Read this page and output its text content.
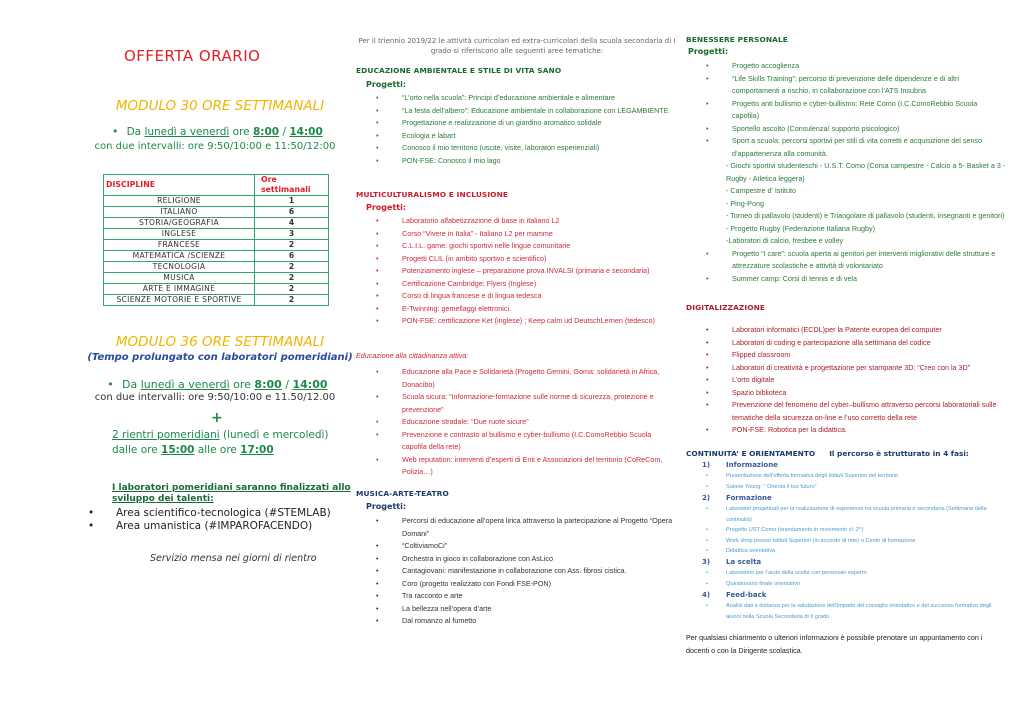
OFFERTA ORARIO
MODULO 30 ORE SETTIMANALI
• Da lunedì a venerdì ore 8:00 / 14:00
con due intervalli: ore 9:50/10:00 e 11:50/12:00
DISCIPLINE	Ore settimanali
RELIGIONE	1
ITALIANO	6
STORIA/GEOGRAFIA	4
INGLESE	3
FRANCESE	2
MATEMATICA /SCIENZE	6
TECNOLOGIA	2
MUSICA	2
ARTE E IMMAGINE	2
SCIENZE MOTORIE E SPORTIVE	2
MODULO 36 ORE SETTIMANALI
(Tempo prolungato con laboratori pomeridiani)
• Da lunedì a venerdì ore 8:00 / 14:00
con due intervalli: ore 9:50/10:00 e 11.50/12.00
+
2 rientri pomeridiani (lunedì e mercoledì) dalle ore 15:00 alle ore 17:00
I laboratori pomeridiani saranno finalizzati allo sviluppo dei talenti:
• Area scientifico-tecnologica (#STEMLAB)
• Area umanistica (#IMPAROFACENDO)
Servizio mensa nei giorni di rientro
Per il triennio 2019/22 le attività curricolari ed extra-curricolari della scuola secondaria di I grado si riferiscono alle seguenti aree tematiche:
EDUCAZIONE AMBIENTALE E STILE DI VITA SANO
Progetti:
• “L’orto nella scuola”: Principi d’educazione ambientale e alimentare
• “La festa dell’albero”: Educazione ambientale in collaborazione con LEGAMBIENTE
• Progettazione e realizzazione di un giardino aromatico solidale
• Ecologia e labart
• Conosco il mio territorio (uscite, visite, laboratori esperienziali)
• PON-FSE: Conosco il mio lago
MULTICULTURALISMO E INCLUSIONE
Progetti:
• Laboratorio alfabetizzazione di base in italiano L2
• Corso “Vivere in Italia” - Italiano L2 per mamme
• C.L.I.L. game: giochi sportivi nelle lingue comunitarie
• Progetti CLIL (in ambito sportivo e scientifico)
• Potenziamento inglese – preparazione prova INVALSI (primaria e secondaria)
• Certificazione Cambridge: Flyers (Inglese)
• Corso di lingua francese e di lingua tedesca
• E-Twinning: gemellaggi elettronici.
• PON-FSE: certificazione Ket (inglese) ; Keep calm ud DeutschLernen (tedesco)
Educazione alla cittadinanza attiva:
• Educazione alla Pace e Solidarietà (Progetto Gemini, Goma: solidarietà in Africa, Donacibo)
• Scuola sicura: “Informazione-formazione sulle norme di sicurezza, protezione e prevenzione”
• Educazione stradale: “Due ruote sicure”
• Prevenzione e contrasto al bullismo e cyber-bullismo (I.C.ComoRebbio Scuola capofila della rete)
• Web reputation: interventi d’esperti di Enti e Associazioni del territorio (CoReCom, Polizia…)
MUSICA-ARTE-TEATRO
Progetti:
• Percorsi di educazione all’opera lirica attraverso la partecipazione al Progetto “Opera Domani”
• “ColtiviamoCi”
• Orchestra in gioco in collaborazione con AsLico
• Cantagiovani: manifestazione in collaborazione con Ass. fibrosi cistica.
• Coro (progetto realizzato con Fondi FSE-PON)
• Tra racconto e arte
• La bellezza nell’opera d’arte
• Dal romanzo al fumetto
BENESSERE PERSONALE
Progetti:
• Progetto accoglienza
• “Life Skills Training”: percorso di prevenzione delle dipendenze e di altri comportamenti a rischio, in collaborazione con l’ATS Insubria
• Progetto anti bullismo e cyber-bullismo: Rete Como (I.C.ComoRebbio Scuola capofila)
• Sportello ascolto (Consulenza/ supporto psicologico)
• Sport a scuola: percorsi sportivi per stili di vita corretti e acquisizione del senso d’appartenenza alla comunità.
- Giochi sportivi studenteschi - U.S.T. Como (Corsa campestre - Calcio a 5- Basket a 3 - Rugby - Atletica leggera)
- Campestre d’ Istituto
- Ping-Pong
- Torneo di pallavolo (studenti) e Triangolare di pallavolo (studenti, insegnanti e genitori)
- Progetto Rugby (Federazione Italiana Rugby)
-Laboratori di calcio, fresbee e volley
• Progetto “I care”: scuola aperta ai genitori per interventi migliorativi delle strutture e attrezzature scolastiche e attività di volontariato
• Summer camp: Corsi di tennis e di vela
DIGITALIZZAZIONE
• Laboratori informatici (ECDL)per la Patente europea del computer
• Laboratori di coding e partecipazione alla settimana del codice
• Flipped classroom
• Laboratori di creatività e progettazione per stampante 3D: “Creo con la 3D”
• L’orto digitale
• Spazio biblioteca
• Prevenzione del fenomeno del cyber–bullismo attraverso percorsi laboratoriali sulle tematiche della sicurezza on-line e l’uso corretto della rete
• PON-FSE: Robotica per la didattica.
CONTINUITA’ E ORIENTAMENTO Il percorso è strutturato in 4 fasi:
1) Informazione
• Presentazione dell’offerta formativa degli Istituti Superiori del territorio
• Salone Young: “ Orienta il tuo futuro”
2) Formazione
• Laboratori progettuali per la realizzazione di esperienze tra scuola primaria e secondaria (Settimana della continuità)
• Progetto UST Como (orientamento in movimento cl. 2^)
• Work shop presso Istituti Superiori (in accordo di rete) o Centri di formazione
• Didattica orientativa
3) La scelta
• Laboratorio per l’aiuto della scelta con personale esperto
• Questionario finale orientativo
4) Feed-back
• Analisi dati a distanza per la valutazione dell’impatto del consiglio orientativo e del successo formativo degli alunni nella Scuola Secondaria di II grado
Per qualsiasi chiarimento o ulteriori informazioni è possibile prenotare un appuntamento con i docenti o con la Dirigente scolastica.
